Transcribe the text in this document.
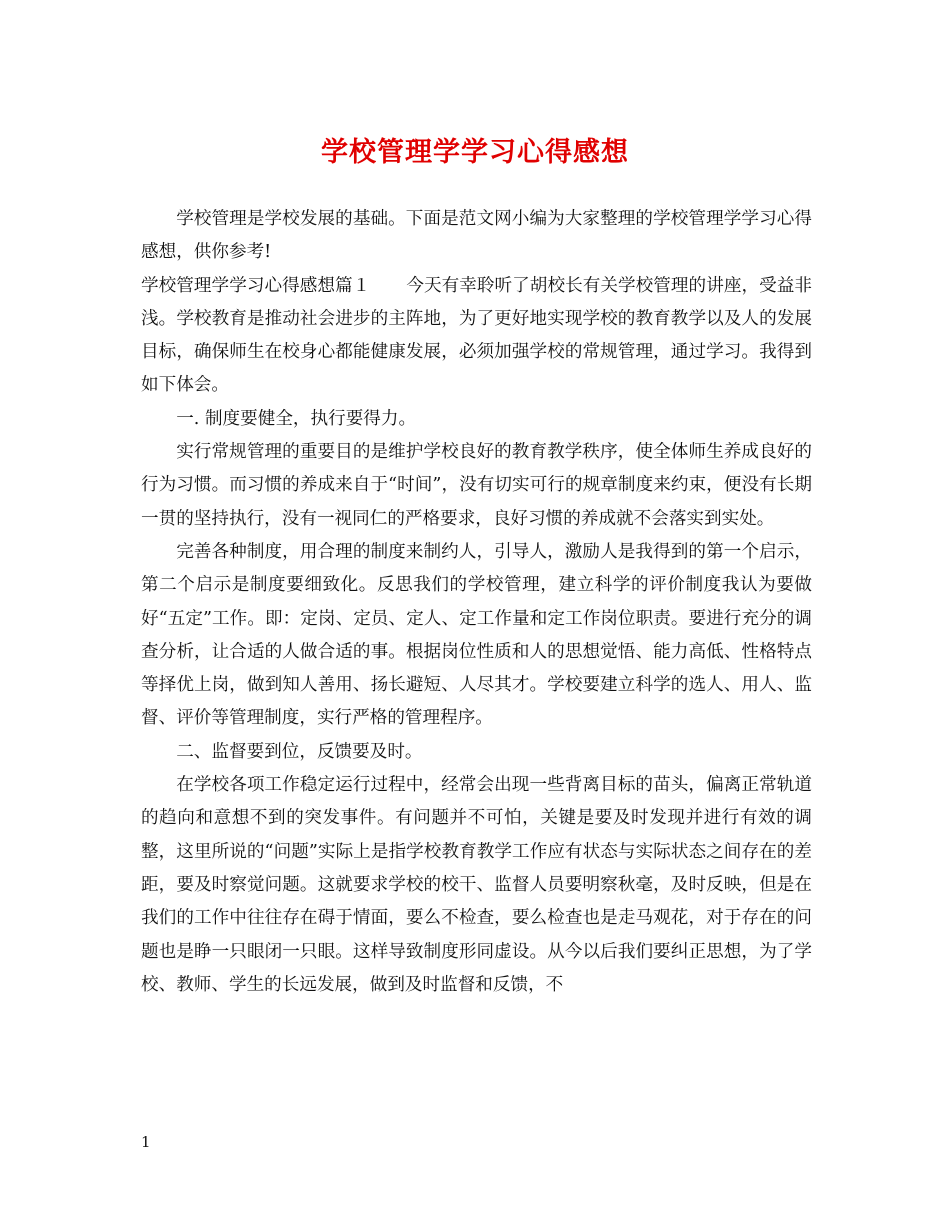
学校管理学学习心得感想

学校管理是学校发展的基础。下面是范文网小编为大家整理的学校管理学学习心得感想，供你参考!

学校管理学学习心得感想篇１ 今天有幸聆听了胡校长有关学校管理的讲座，受益非浅。学校教育是推动社会进步的主阵地，为了更好地实现学校的教育教学以及人的发展目标，确保师生在校身心都能健康发展，必须加强学校的常规管理，通过学习。我得到如下体会。

一. 制度要健全，执行要得力。

实行常规管理的重要目的是维护学校良好的教育教学秩序，使全体师生养成良好的行为习惯。而习惯的养成来自于“时间”，没有切实可行的规章制度来约束，便没有长期一贯的坚持执行，没有一视同仁的严格要求，良好习惯的养成就不会落实到实处。

完善各种制度，用合理的制度来制约人，引导人，激励人是我得到的第一个启示，第二个启示是制度要细致化。反思我们的学校管理，建立科学的评价制度我认为要做好“五定”工作。即：定岗、定员、定人、定工作量和定工作岗位职责。要进行充分的调查分析，让合适的人做合适的事。根据岗位性质和人的思想觉悟、能力高低、性格特点等择优上岗，做到知人善用、扬长避短、人尽其才。学校要建立科学的选人、用人、监督、评价等管理制度，实行严格的管理程序。

二、监督要到位，反馈要及时。

在学校各项工作稳定运行过程中，经常会出现一些背离目标的苗头，偏离正常轨道的趋向和意想不到的突发事件。有问题并不可怕，关键是要及时发现并进行有效的调整，这里所说的“问题”实际上是指学校教育教学工作应有状态与实际状态之间存在的差距，要及时察觉问题。这就要求学校的校干、监督人员要明察秋毫，及时反映，但是在我们的工作中往往存在碍于情面，要么不检查，要么检查也是走马观花，对于存在的问题也是睁一只眼闭一只眼。这样导致制度形同虚设。从今以后我们要纠正思想，为了学校、教师、学生的长远发展，做到及时监督和反馈，不

1
